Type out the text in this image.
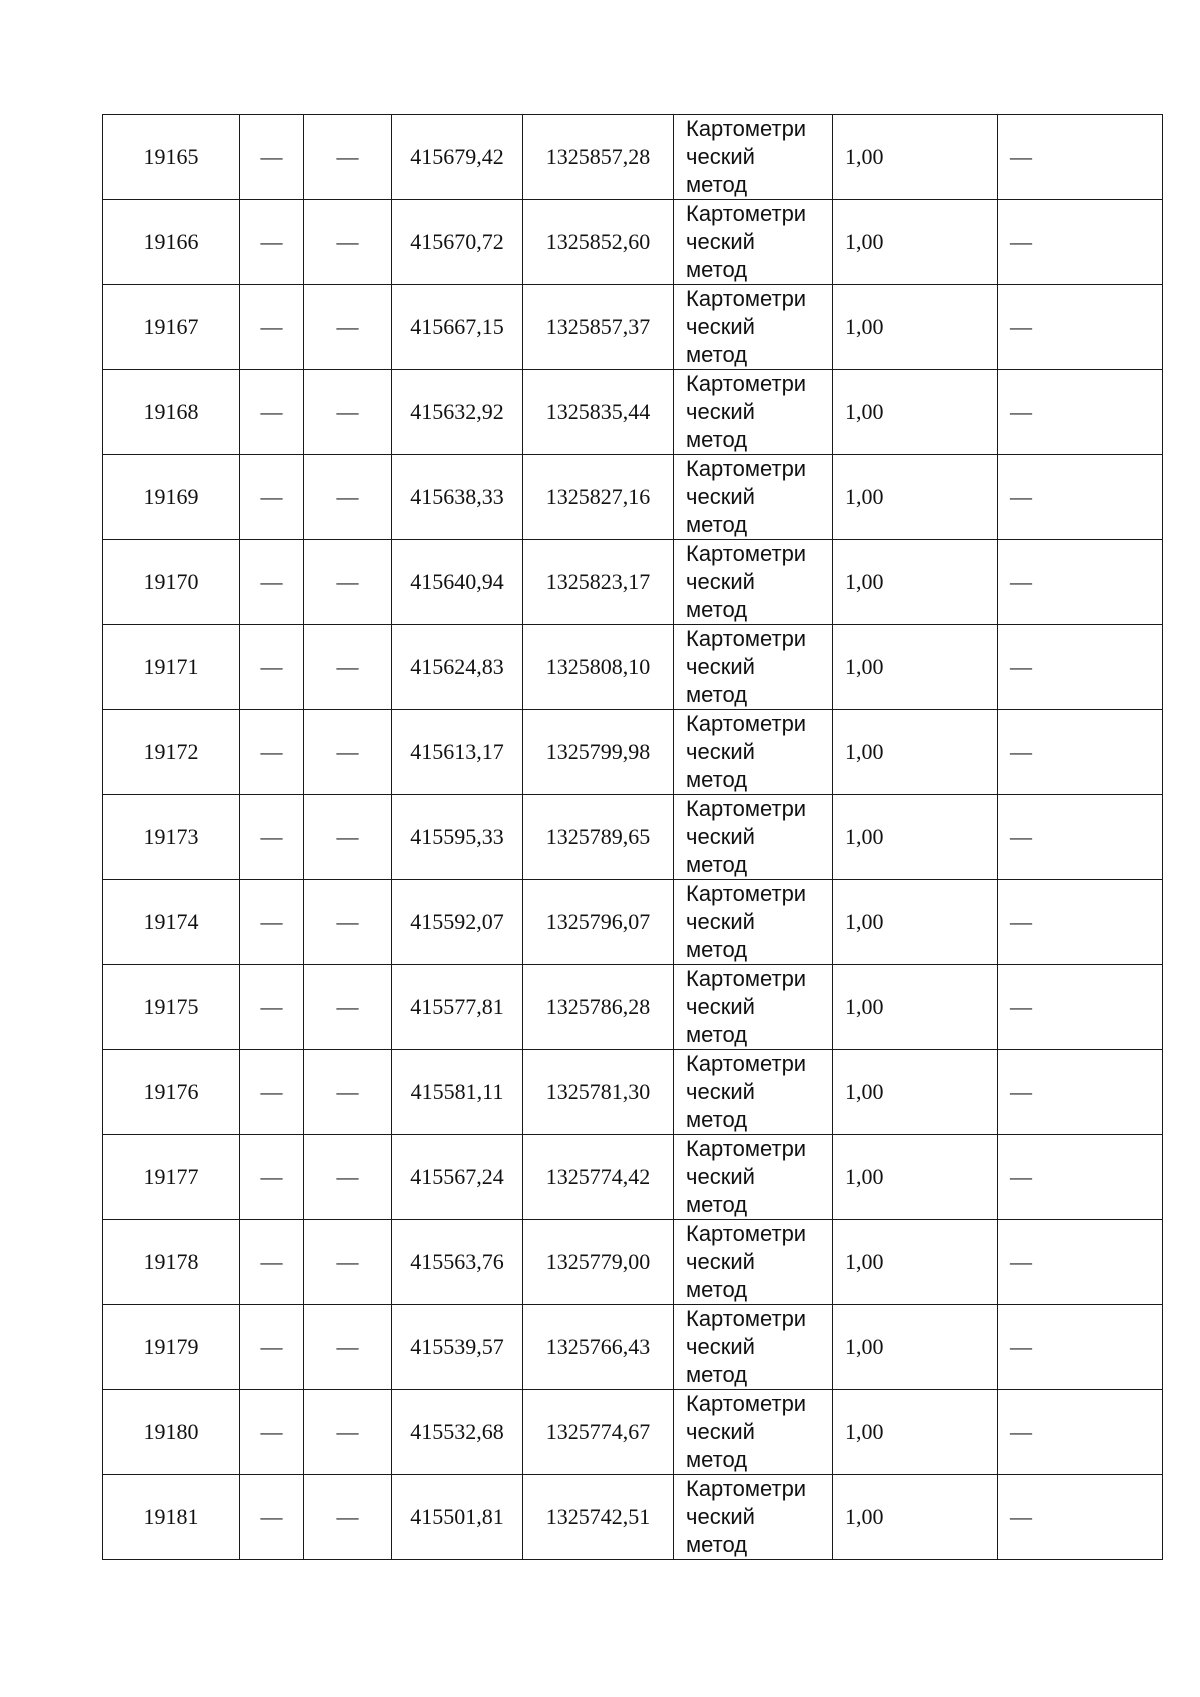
19165	—	—	415679,42	1325857,28	Картометри
ческий
метод	1,00	—
19166	—	—	415670,72	1325852,60	Картометри
ческий
метод	1,00	—
19167	—	—	415667,15	1325857,37	Картометри
ческий
метод	1,00	—
19168	—	—	415632,92	1325835,44	Картометри
ческий
метод	1,00	—
19169	—	—	415638,33	1325827,16	Картометри
ческий
метод	1,00	—
19170	—	—	415640,94	1325823,17	Картометри
ческий
метод	1,00	—
19171	—	—	415624,83	1325808,10	Картометри
ческий
метод	1,00	—
19172	—	—	415613,17	1325799,98	Картометри
ческий
метод	1,00	—
19173	—	—	415595,33	1325789,65	Картометри
ческий
метод	1,00	—
19174	—	—	415592,07	1325796,07	Картометри
ческий
метод	1,00	—
19175	—	—	415577,81	1325786,28	Картометри
ческий
метод	1,00	—
19176	—	—	415581,11	1325781,30	Картометри
ческий
метод	1,00	—
19177	—	—	415567,24	1325774,42	Картометри
ческий
метод	1,00	—
19178	—	—	415563,76	1325779,00	Картометри
ческий
метод	1,00	—
19179	—	—	415539,57	1325766,43	Картометри
ческий
метод	1,00	—
19180	—	—	415532,68	1325774,67	Картометри
ческий
метод	1,00	—
19181	—	—	415501,81	1325742,51	Картометри
ческий
метод	1,00	—
